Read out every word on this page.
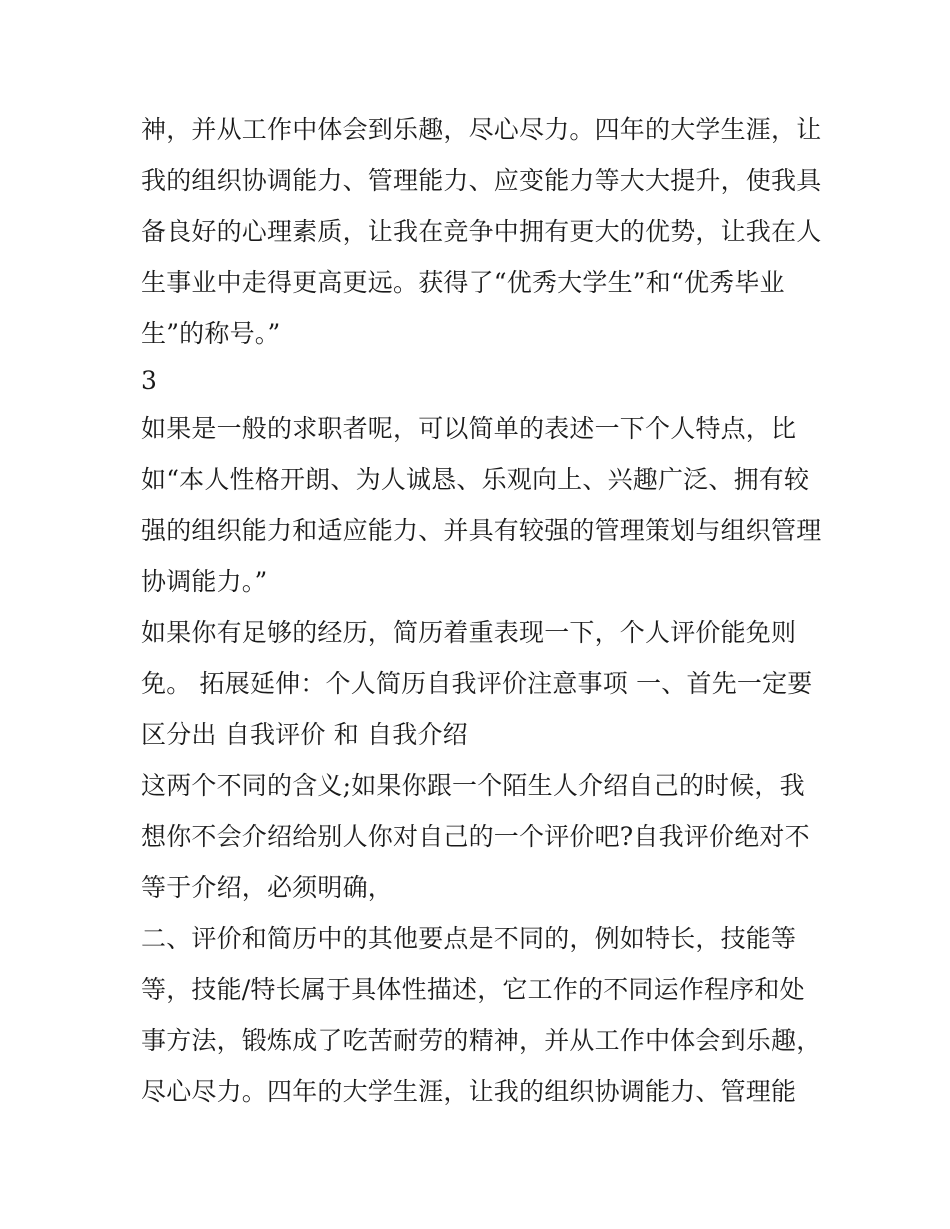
神，并从工作中体会到乐趣，尽心尽力。四年的大学生涯，让
我的组织协调能力、管理能力、应变能力等大大提升，使我具
备良好的心理素质，让我在竞争中拥有更大的优势，让我在人
生事业中走得更高更远。获得了“优秀大学生”和“优秀毕业
生”的称号。”
3
如果是一般的求职者呢，可以简单的表述一下个人特点，比
如“本人性格开朗、为人诚恳、乐观向上、兴趣广泛、拥有较
强的组织能力和适应能力、并具有较强的管理策划与组织管理
协调能力。”
如果你有足够的经历，简历着重表现一下，个人评价能免则
免。 拓展延伸：个人简历自我评价注意事项 一、首先一定要
区分出 自我评价 和 自我介绍
这两个不同的含义;如果你跟一个陌生人介绍自己的时候，我
想你不会介绍给别人你对自己的一个评价吧?自我评价绝对不
等于介绍，必须明确，
二、评价和简历中的其他要点是不同的，例如特长，技能等
等，技能/特长属于具体性描述，它工作的不同运作程序和处
事方法，锻炼成了吃苦耐劳的精神，并从工作中体会到乐趣，
尽心尽力。四年的大学生涯，让我的组织协调能力、管理能
